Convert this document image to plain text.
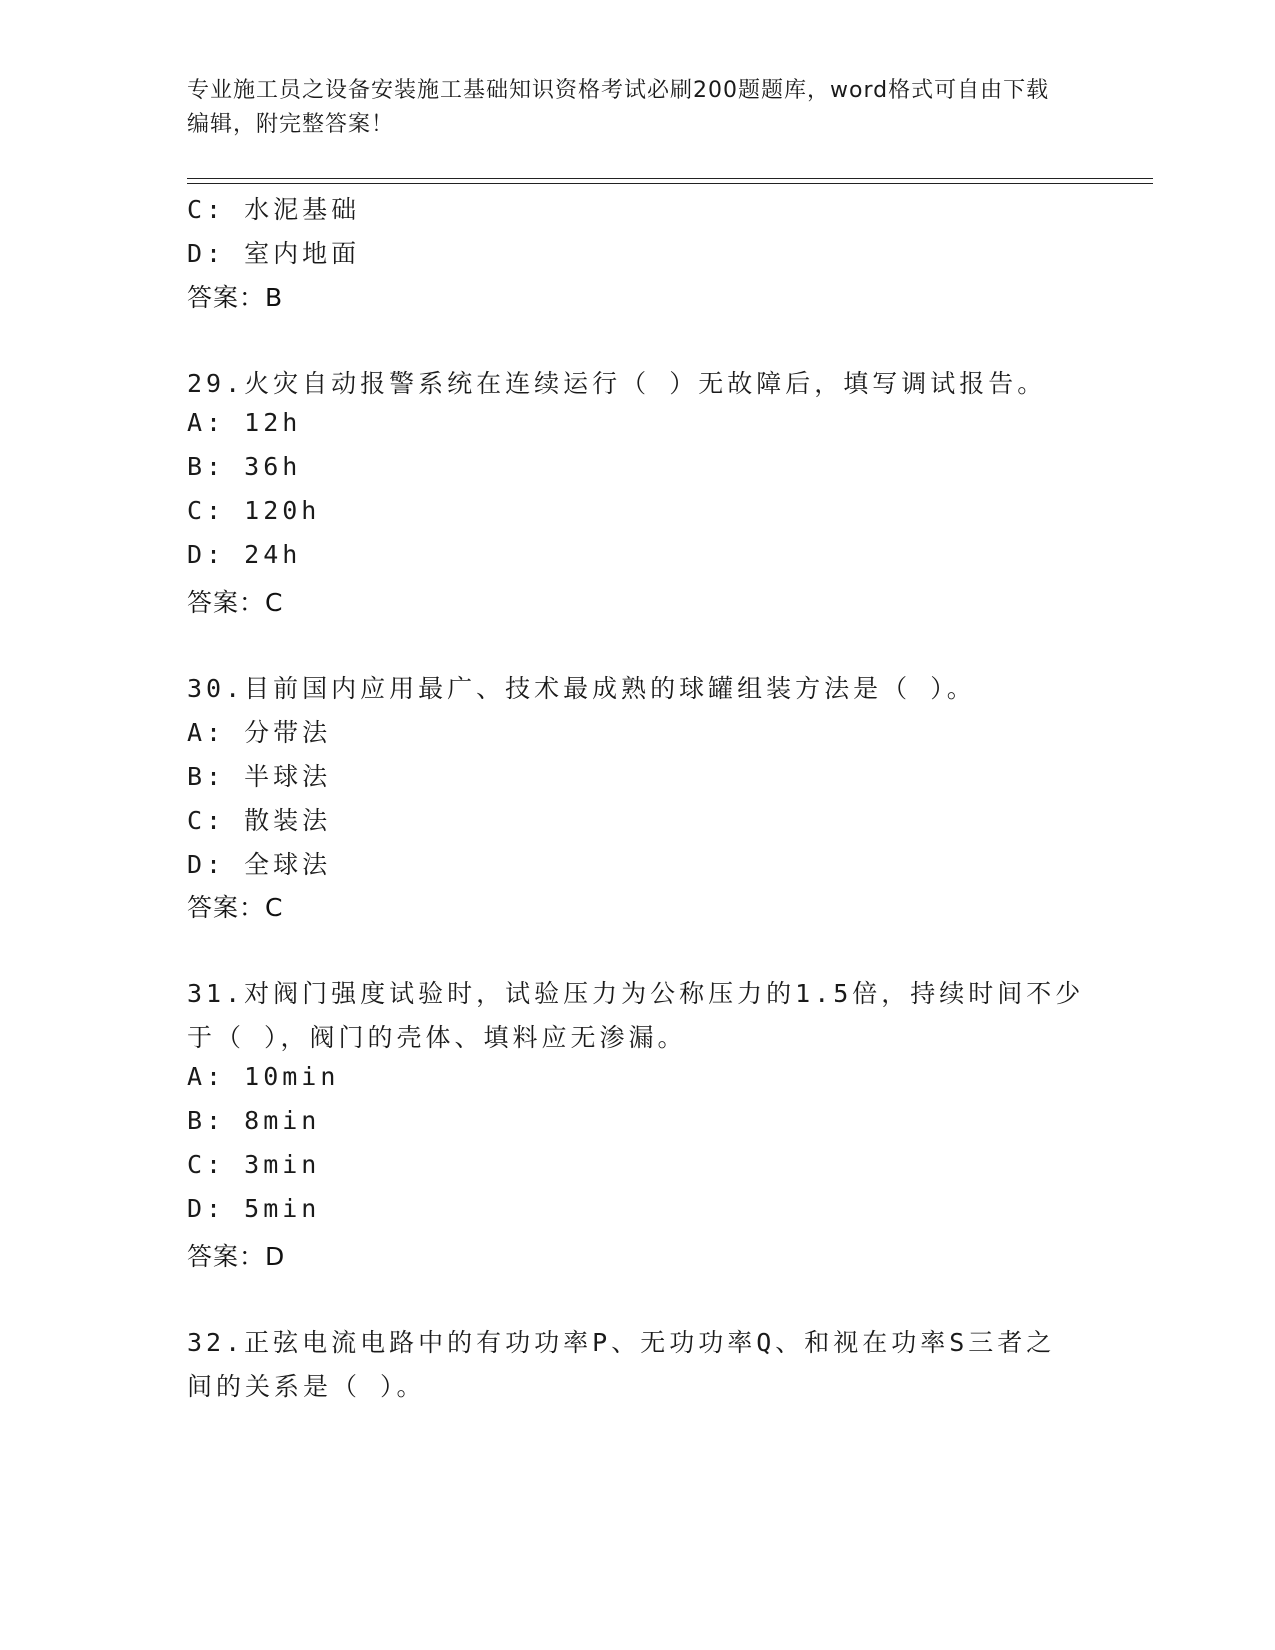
专业施工员之设备安装施工基础知识资格考试必刷200题题库，word格式可自由下载编辑，附完整答案！
C: 水泥基础
D: 室内地面
答案：B
29.火灾自动报警系统在连续运行（ ）无故障后，填写调试报告。
A: 12h
B: 36h
C: 120h
D: 24h
答案：C
30.目前国内应用最广、技术最成熟的球罐组装方法是（ ）。
A: 分带法
B: 半球法
C: 散装法
D: 全球法
答案：C
31.对阀门强度试验时，试验压力为公称压力的1.5倍，持续时间不少
于（ ），阀门的壳体、填料应无渗漏。
A: 10min
B: 8min
C: 3min
D: 5min
答案：D
32.正弦电流电路中的有功功率P、无功功率Q、和视在功率S三者之
间的关系是（ ）。
